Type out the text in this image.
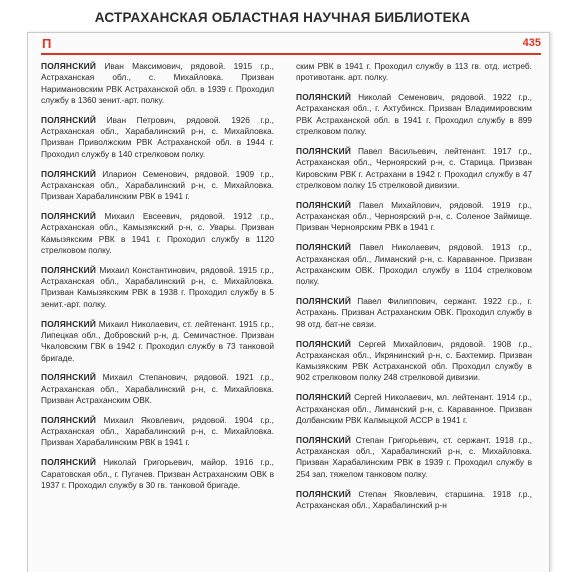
АСТРАХАНСКАЯ ОБЛАСТНАЯ НАУЧНАЯ БИБЛИОТЕКА
П	435

ПОЛЯНСКИЙ Иван Максимович, рядовой. 1915 г.р., Астраханская обл., с. Михайловка. Призван Наримановским РВК Астраханской обл. в 1939 г. Проходил службу в 1360 зенит.-арт. полку.

ПОЛЯНСКИЙ Иван Петрович, рядовой. 1926 г.р., Астраханская обл., Харабалинский р-н, с. Михайловка. Призван Приволжским РВК Астраханской обл. в 1944 г. Проходил службу в 140 стрелковом полку.

ПОЛЯНСКИЙ Иларион Семенович, рядовой. 1909 г.р., Астраханская обл., Харабалинский р-н, с. Михайловка. Призван Харабалинским РВК в 1941 г.

ПОЛЯНСКИЙ Михаил Евсеевич, рядовой. 1912 г.р., Астраханская обл., Камызякский р-н, с. Увары. Призван Камызякским РВК в 1941 г. Проходил службу в 1120 стрелковом полку.

ПОЛЯНСКИЙ Михаил Константинович, рядовой. 1915 г.р., Астраханская обл., Харабалинский р-н, с. Михайловка. Призван Камызякским РВК в 1938 г. Проходил службу в 5 зенит.-арт. полку.

ПОЛЯНСКИЙ Михаил Николаевич, ст. лейтенант. 1915 г.р., Липецкая обл., Добровский р-н, д. Семичастное. Призван Чкаловским ГВК в 1942 г. Проходил службу в 73 танковой бригаде.

ПОЛЯНСКИЙ Михаил Степанович, рядовой. 1921 г.р., Астраханская обл., Харабалинский р-н, с. Михайловка. Призван Астраханским ОВК.

ПОЛЯНСКИЙ Михаил Яковлевич, рядовой. 1904 г.р., Астраханская обл., Харабалинский р-н, с. Михайловка. Призван Харабалинским РВК в 1941 г.

ПОЛЯНСКИЙ Николай Григорьевич, майор. 1916 г.р., Саратовская обл., г. Пугачев. Призван Астраханским ОВК в 1937 г. Проходил службу в 30 гв. танковой бригаде.

ским РВК в 1941 г. Проходил службу в 113 гв. отд. истреб. противотанк. арт. полку.

ПОЛЯНСКИЙ Николай Семенович, рядовой. 1922 г.р., Астраханская обл., г. Ахтубинск. Призван Владимировским РВК Астраханской обл. в 1941 г. Проходил службу в 899 стрелковом полку.

ПОЛЯНСКИЙ Павел Васильевич, лейтенант. 1917 г.р., Астраханская обл., Черноярский р-н, с. Старица. Призван Кировским РВК г. Астрахани в 1942 г. Проходил службу в 47 стрелковом полку 15 стрелковой дивизии.

ПОЛЯНСКИЙ Павел Михайлович, рядовой. 1919 г.р., Астраханская обл., Черноярский р-н, с. Соленое Займище. Призван Черноярским РВК в 1941 г.

ПОЛЯНСКИЙ Павел Николаевич, рядовой. 1913 г.р., Астраханская обл., Лиманский р-н, с. Караванное. Призван Астраханским ОВК. Проходил службу в 1104 стрелковом полку.

ПОЛЯНСКИЙ Павел Филиппович, сержант. 1922 г.р., г. Астрахань. Призван Астраханским ОВК. Проходил службу в 98 отд. бат-не связи.

ПОЛЯНСКИЙ Сергей Михайлович, рядовой. 1908 г.р., Астраханская обл., Икрянинский р-н, с. Бахтемир. Призван Камызякским РВК Астраханской обл. Проходил службу в 902 стрелковом полку 248 стрелковой дивизии.

ПОЛЯНСКИЙ Сергей Николаевич, мл. лейтенант. 1914 г.р., Астраханская обл., Лиманский р-н, с. Караванное. Призван Долбанским РВК Калмыцкой АССР в 1941 г.

ПОЛЯНСКИЙ Степан Григорьевич, ст. сержант. 1918 г.р., Астраханская обл., Харабалинский р-н, с. Михайловка. Призван Харабалинским РВК в 1939 г. Проходил службу в 254 зап. тяжелом танковом полку.

ПОЛЯНСКИЙ Степан Яковлевич, старшина. 1918 г.р., Астраханская обл., Харабалинский р-н
